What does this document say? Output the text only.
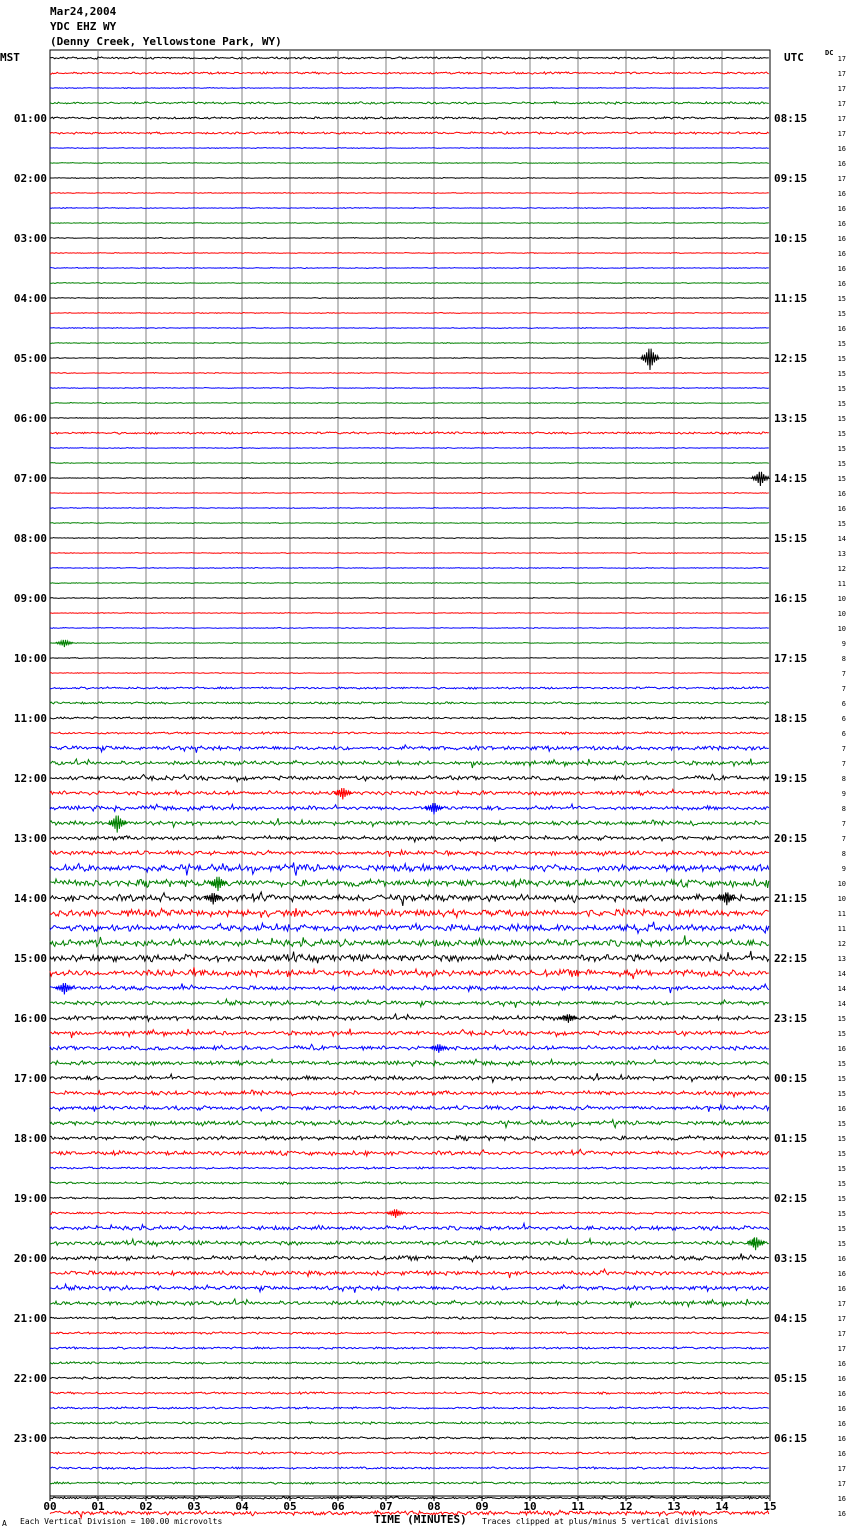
Mar24,2004
YDC EHZ WY
(Denny Creek, Yellowstone Park, WY)
MST	UTC	DC
00	01	02	03	04	05	06	07	08	09	10	11	12	13	14	15
17
17
17
17
17
17
16
16
17
16
16
16
16
16
16
16
15
15
16
15
15
15
15
15
15
15
15
15
15
16
16
15
14
13
12
11
10
10
10
9
8
7
7
6
6
6
7
7
8
9
8
7
7
8
9
10
10
11
11
12
13
14
14
14
15
15
16
15
15
15
16
15
15
15
15
15
15
15
15
15
16
16
16
17
17
17
17
16
16
16
16
16
16
16
17
17
16
16
01:00	08:15
02:00	09:15
03:00	10:15
04:00	11:15
05:00	12:15
06:00	13:15
07:00	14:15
08:00	15:15
09:00	16:15
10:00	17:15
11:00	18:15
12:00	19:15
13:00	20:15
14:00	21:15
15:00	22:15
16:00	23:15
17:00	00:15
18:00	01:15
19:00	02:15
20:00	03:15
21:00	04:15
22:00	05:15
23:00	06:15
A Each Vertical Division = 100.00 microvolts	TIME (MINUTES) Traces clipped at plus/minus 5 vertical divisions
